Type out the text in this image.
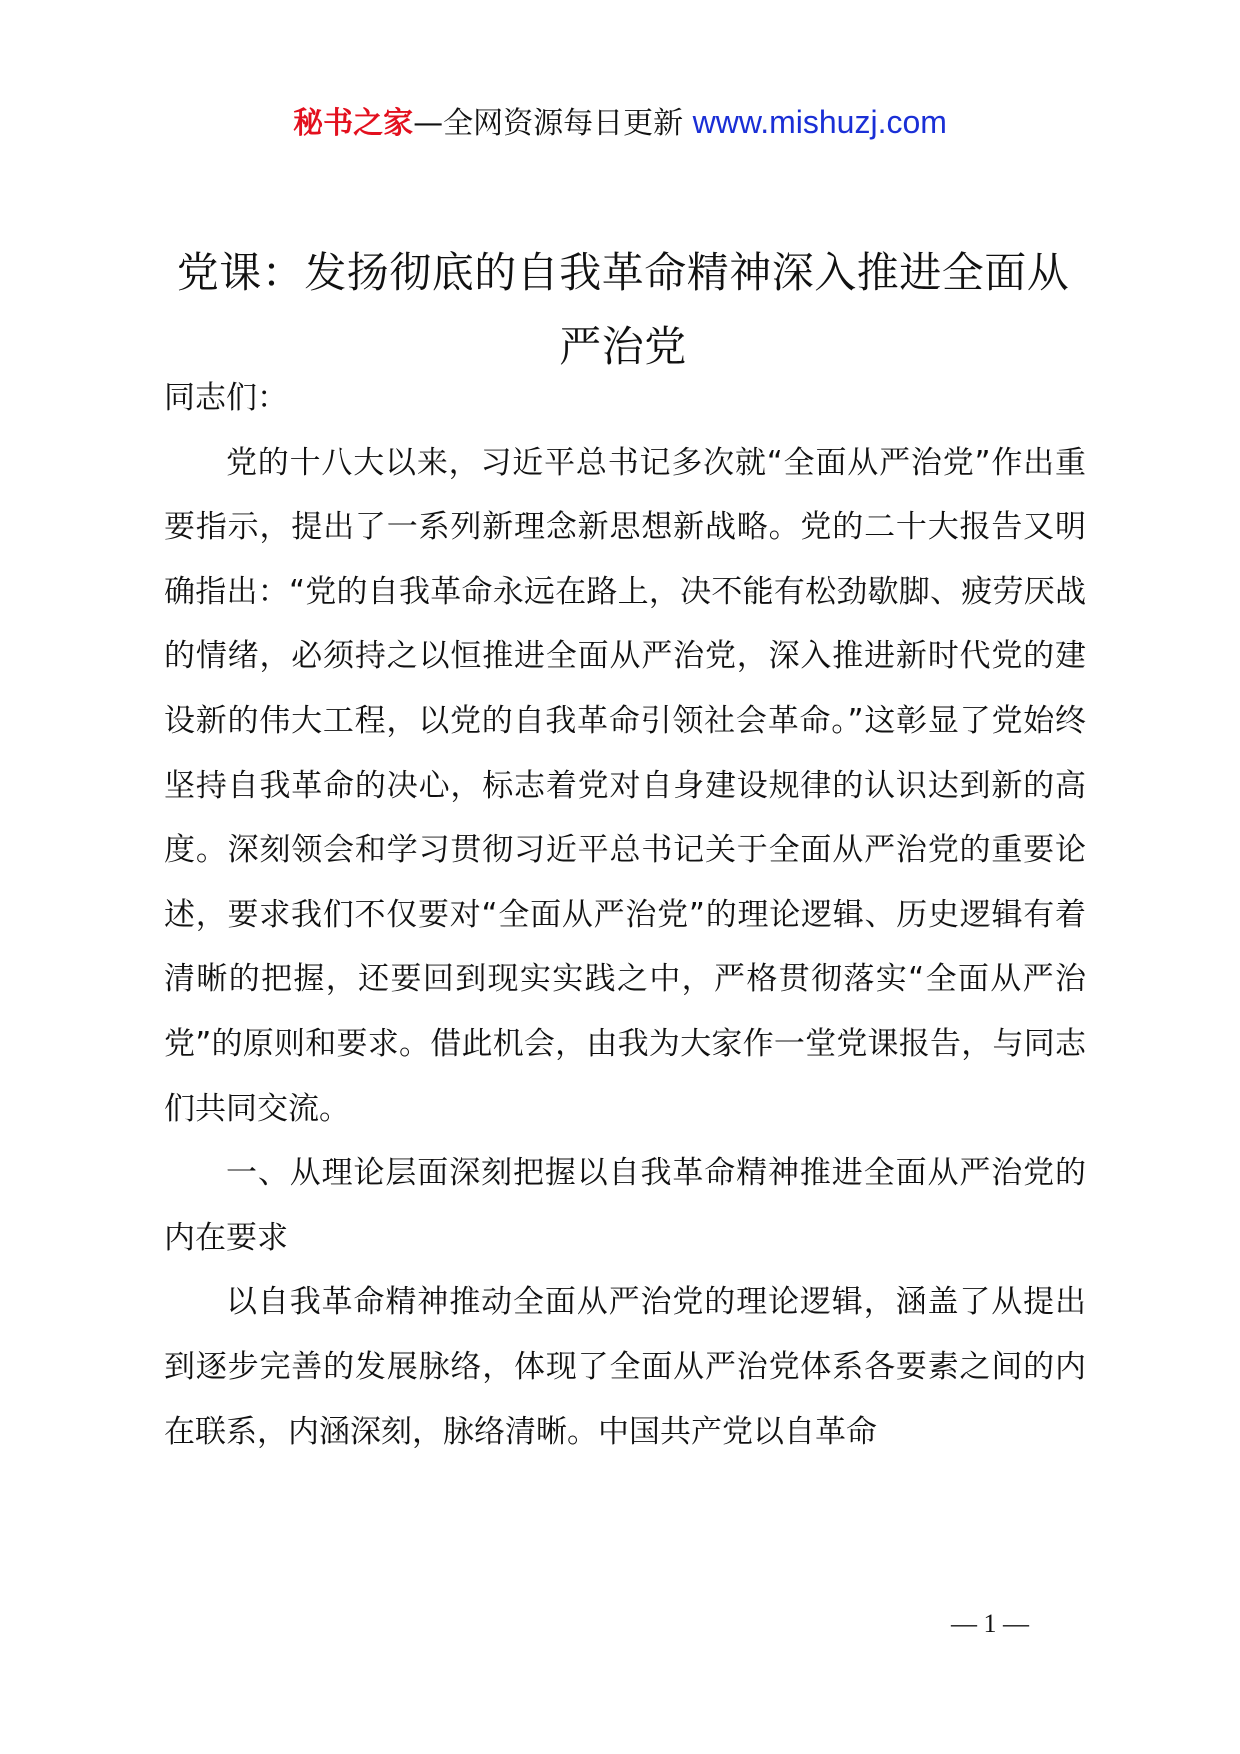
秘书之家—全网资源每日更新 www.mishuzj.com
党课：发扬彻底的自我革命精神深入推进全面从严治党

同志们：

党的十八大以来，习近平总书记多次就“全面从严治党”作出重要指示，提出了一系列新理念新思想新战略。党的二十大报告又明确指出：“党的自我革命永远在路上，决不能有松劲歇脚、疲劳厌战的情绪，必须持之以恒推进全面从严治党，深入推进新时代党的建设新的伟大工程，以党的自我革命引领社会革命。”这彰显了党始终坚持自我革命的决心，标志着党对自身建设规律的认识达到新的高度。深刻领会和学习贯彻习近平总书记关于全面从严治党的重要论述，要求我们不仅要对“全面从严治党”的理论逻辑、历史逻辑有着清晰的把握，还要回到现实实践之中，严格贯彻落实“全面从严治党”的原则和要求。借此机会，由我为大家作一堂党课报告，与同志们共同交流。

一、从理论层面深刻把握以自我革命精神推进全面从严治党的内在要求

以自我革命精神推动全面从严治党的理论逻辑，涵盖了从提出到逐步完善的发展脉络，体现了全面从严治党体系各要素之间的内在联系，内涵深刻，脉络清晰。中国共产党以自革命

— 1 —
